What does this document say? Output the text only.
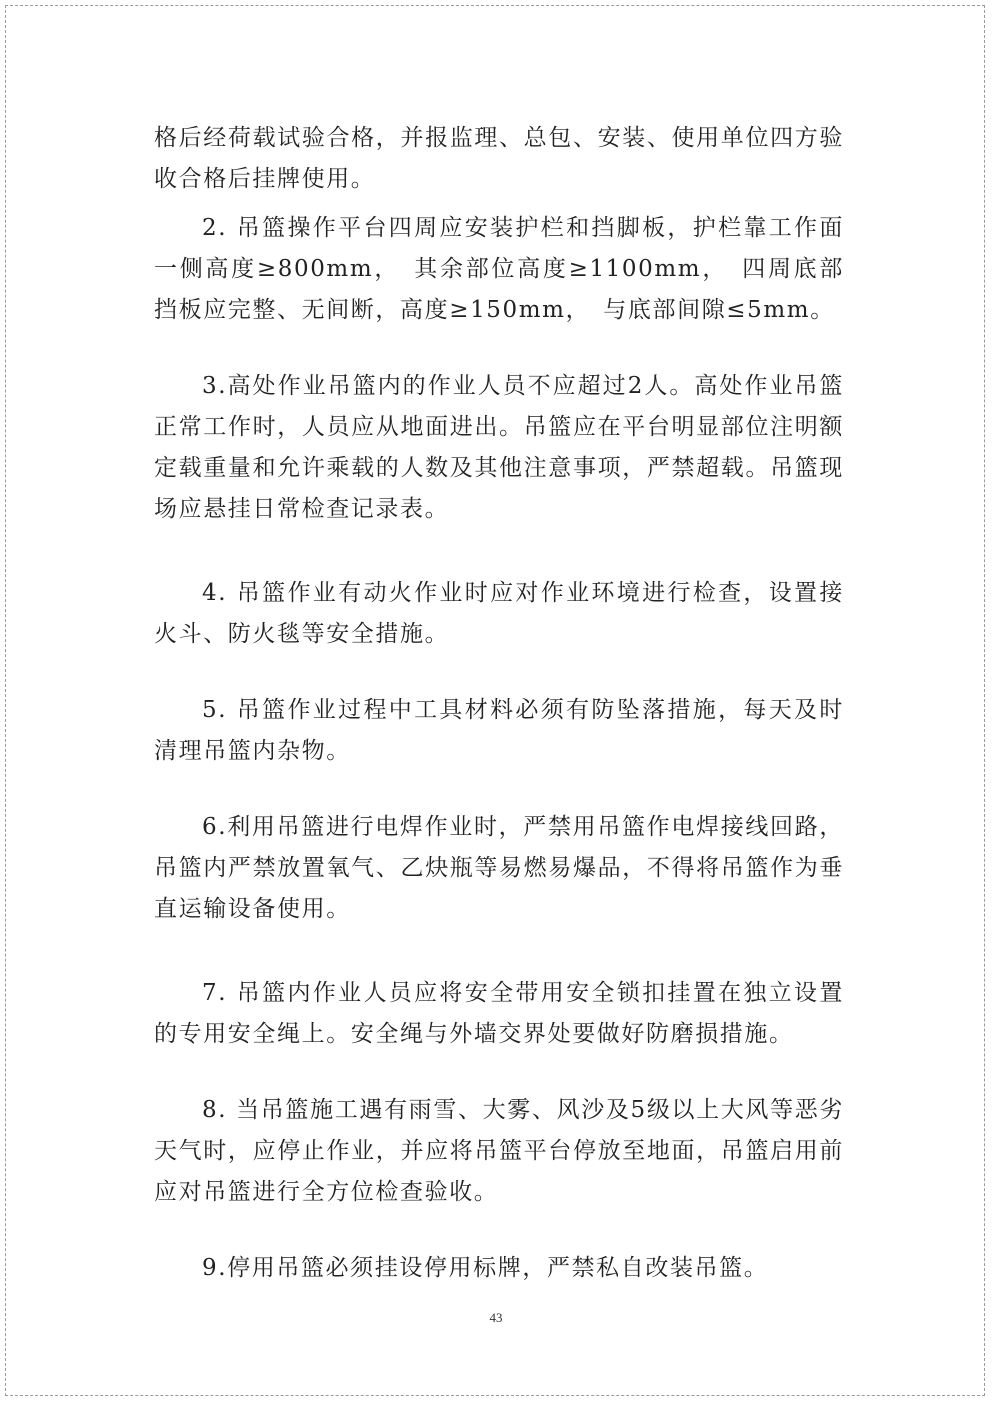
格后经荷载试验合格，并报监理、总包、安装、使用单位四方验收合格后挂牌使用。

2. 吊篮操作平台四周应安装护栏和挡脚板，护栏靠工作面一侧高度≥800mm，　其余部位高度≥1100mm，　四周底部挡板应完整、无间断，高度≥150mm，　与底部间隙≤5mm。

3.高处作业吊篮内的作业人员不应超过2人。高处作业吊篮正常工作时，人员应从地面进出。吊篮应在平台明显部位注明额定载重量和允许乘载的人数及其他注意事项，严禁超载。吊篮现场应悬挂日常检查记录表。

4. 吊篮作业有动火作业时应对作业环境进行检查，设置接火斗、防火毯等安全措施。

5. 吊篮作业过程中工具材料必须有防坠落措施，每天及时清理吊篮内杂物。

6.利用吊篮进行电焊作业时，严禁用吊篮作电焊接线回路，吊篮内严禁放置氧气、乙炔瓶等易燃易爆品，不得将吊篮作为垂直运输设备使用。

7. 吊篮内作业人员应将安全带用安全锁扣挂置在独立设置的专用安全绳上。安全绳与外墙交界处要做好防磨损措施。

8. 当吊篮施工遇有雨雪、大雾、风沙及5级以上大风等恶劣天气时，应停止作业，并应将吊篮平台停放至地面，吊篮启用前应对吊篮进行全方位检查验收。

9.停用吊篮必须挂设停用标牌，严禁私自改装吊篮。

43
